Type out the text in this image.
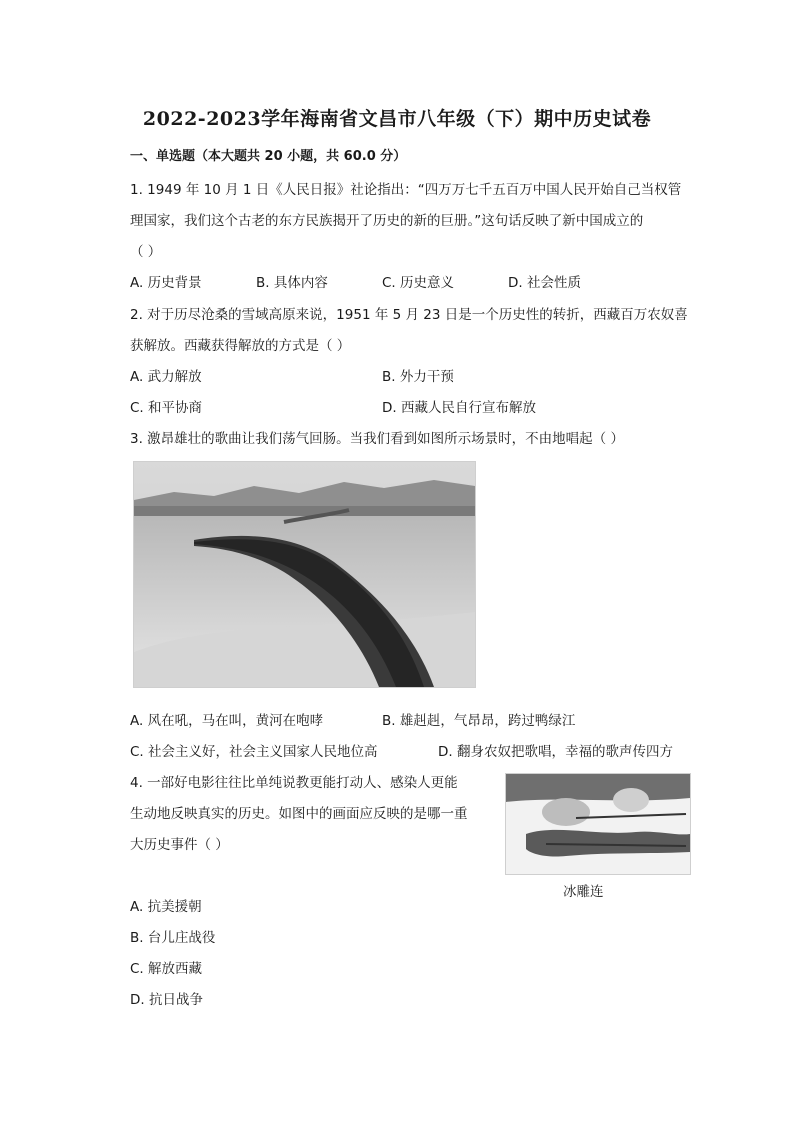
2022-2023学年海南省文昌市八年级（下）期中历史试卷
一、单选题（本大题共 20 小题，共 60.0 分）
1. 1949 年 10 月 1 日《人民日报》社论指出：“四万万七千五百万中国人民开始自己当权管
理国家，我们这个古老的东方民族揭开了历史的新的巨册。”这句话反映了新中国成立的
（ ）
A. 历史背景	B. 具体内容	C. 历史意义	D. 社会性质
2. 对于历尽沧桑的雪域高原来说，1951 年 5 月 23 日是一个历史性的转折，西藏百万农奴喜
获解放。西藏获得解放的方式是（ ）
A. 武力解放	B. 外力干预
C. 和平协商	D. 西藏人民自行宣布解放
3. 激昂雄壮的歌曲让我们荡气回肠。当我们看到如图所示场景时，不由地唱起（ ）
A. 风在吼，马在叫，黄河在咆哮	B. 雄赳赳，气昂昂，跨过鸭绿江
C. 社会主义好，社会主义国家人民地位高	D. 翻身农奴把歌唱，幸福的歌声传四方
4. 一部好电影往往比单纯说教更能打动人、感染人更能
生动地反映真实的历史。如图中的画面应反映的是哪一重
大历史事件（ ）
冰雕连
A. 抗美援朝
B. 台儿庄战役
C. 解放西藏
D. 抗日战争
